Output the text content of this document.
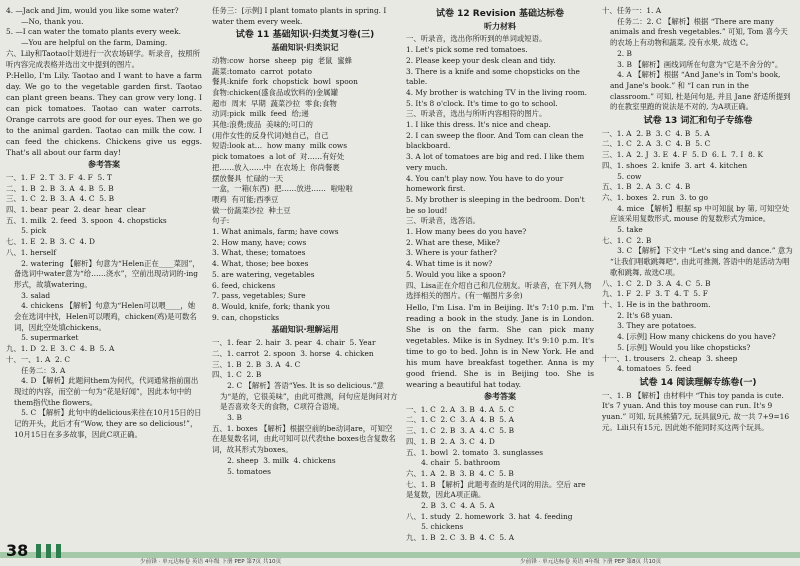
4. —Jack and Jim, would you like some water?
—No, thank you.
5. —I can water the tomato plants every week.
—You are helpful on the farm, Daming.
六、Lily和Taotao计划进行一次农场研学。听录音，按照所听内容完成表格并选出文中提到的图片。
P:Hello, I'm Lily. Taotao and I want to have a farm day. We go to the vegetable garden first. Taotao can plant green beans. They can grow very long. I can pick tomatoes. Taotao can water carrots. Orange carrots are good for our eyes. Then we go to the animal garden. Taotao can milk the cow. I can feed the chickens. Chickens give us eggs. That's all about our farm day!
参考答案
一、1. F  2. T  3. F  4. F  5. T
二、1. B  2. B  3. A  4. B  5. B
三、1. C  2. B  3. A  4. C  5. B
四、1. bear  pear  2. dear  hear  clear
五、1. milk  2. feed  3. spoon  4. chopsticks
5. pick
七、1. E  2. B  3. C  4. D
八、1. herself
2. watering 【解析】句意为“Helen正在____菜园”，备选词中water意为“给……浇水”，空前出现动词的-ing形式，故填watering。
3. salad
4. chickens 【解析】句意为“Helen可以喂____，她会在选词中找，Helen可以喂鸡，chicken(鸡)是可数名词，因此空处填chickens。
5. supermarket
九、1. D  2. E  3. C  4. B  5. A
十、一、1. A  2. C
任务二：3. A
4. D 【解析】此题问them为何代，代词通常指前面出现过的内容，而空前一句为“花是好闻”，因此本句中的them指代the flowers。
5. C 【解析】此句中的delicious来往在10月15日的日记的开头，此后才有“Wow, they are so delicious!”，10月15日在多多故事，因此C项正确。
任务三：[示例] I plant tomato plants in spring. I water them every week.
试卷 11 基础知识·归类复习卷(三)
基础知识·归类识记
动物:cow  horse  sheep  pig  老鼠  蜜蜂
蔬菜:tomato  carrot  potato
餐具:knife  fork  chopstick  bowl  spoon
食物:chicken(盛食品或饮料的)金属罐
超市  周末  早期  蔬菜沙拉  零食;食物
动词:pick  milk  feed  给;递
其他:浪费;废品  美味的;可口的
(用作女性的反身代词)她自己，自己
短语:look at…  how many  milk cows
pick tomatoes  a lot of  对……有好处
把……放入……中  在农场上  你尚餐裹
摆放餐具  忙碌的一天
一盒，一箱(东西)  把……放进……  啦啦啦
喂鸡  有可能;西季豆
做一份蔬菜沙拉  种土豆
句子:
1. What animals, farm; have cows
2. How many, have; cows
3. What, these; tomatoes
4. What, those; bee boxes
5. are watering, vegetables
6. feed, chickens
7. pass, vegetables; Sure
8. Would, knife, fork; thank you
9. can, chopsticks
基础知识·理解运用
一、1. fear  2. hair  3. pear  4. chair  5. Year
二、1. carrot  2. spoon  3. horse  4. chicken
三、1. B  2. B  3. A  4. C
四、1. C  2. B
2. C 【解析】答语“Yes. It is so delicious.”意为“是的，它很美味”，由此可推测，问句应是询问对方是否喜欢冬天的食物，C项符合语境。
3. B
五、1. boxes 【解析】根据空前的be动词are，可知空在是复数名词，由此可知可以代表the boxes也含复数名词，故其形式为boxes。
2. sheep  3. milk  4. chickens
5. tomatoes
试卷 12 Revision 基础达标卷
听力材料
一、听录音，选出你所听到的单词或短语。
1. Let's pick some red tomatoes.
2. Please keep your desk clean and tidy.
3. There is a knife and some chopsticks on the table.
4. My brother is watching TV in the living room.
5. It's 8 o'clock. It's time to go to school.
三、听录音，选出与所听内容相符的图片。
1. I like this dress. It's nice and cheap.
2. I can sweep the floor. And Tom can clean the blackboard.
3. A lot of tomatoes are big and red. I like them very much.
4. You can't play now. You have to do your homework first.
5. My brother is sleeping in the bedroom. Don't be so loud!
三、听录音，选答语。
1. How many bees do you have?
2. What are these, Mike?
3. Where is your father?
4. What time is it now?
5. Would you like a spoon?
四、Lisa正在介绍自己和几位朋友。听录音，在下列人物选择相关的图片。(有一幅图片多余)
Hello, I'm Lisa. I'm in Beijing. It's 7:10 p.m. I'm reading a book in the study. Jane is in London. She is on the farm. She can pick many vegetables. Mike is in Sydney. It's 9:10 p.m. It's time to go to bed. John is in New York. He and his mum have breakfast together. Anna is my good friend. She is in Beijing too. She is wearing a beautiful hat today.
参考答案
一、1. C  2. A  3. B  4. A  5. C
二、1. C  2. C  3. A  4. B  5. A
三、1. C  2. B  3. A  4. C  5. B
四、1. B  2. A  3. C  4. D
五、1. bowl  2. tomato  3. sunglasses
4. chair  5. bathroom
六、1. A  2. B  3. B  4. C  5. B
七、1. B 【解析】此题考查的是代词的用法。空后 are 是复数，因此A项正确。
2. B  3. C  4. A  5. A
八、1. study  2. homework  3. hat  4. feeding
5. chickens
九、1. B  2. C  3. B  4. C  5. A
十、任务一：1. A
任务二：2. C 【解析】根据 “There are many animals and fresh vegetables.” 可知, Tom 喜今天的农场上有动物和蔬菜, 没有水果, 故选 C。
2. B
3. B 【解析】画线词所在句意为“它是不舍分的”。
4. A 【解析】根据 “And Jane's in Tom's book, and Jane's book.” 和 “I can run in the classroom.” 可知, 杜是问句是, 并且 Jane 舒适所提到的在教室里跑的说法是不对的, 为A项正确。
试卷 13 词汇和句子专练卷
一、1. A  2. B  3. C  4. B  5. A
二、1. C  2. A  3. C  4. B  5. C
三、1. A  2. J  3. E  4. F  5. D  6. L  7. I  8. K
四、1. shoes  2. knife  3. art  4. kitchen
5. cow
五、1. B  2. A  3. C  4. B
六、1. boxes  2. run  3. to go
4. mice 【解析】根据 sp 中可知鼠 by 第, 可知空处应该采用复数形式, mouse 的复数形式为mice。
5. take
七、1. C  2. B
3. C 【解析】下文中 “Let's sing and dance.” 意为 “让我们唱歌跳舞吧”, 由此可推测, 答语中的是活动为唱歌和跳舞, 故选C项。
八、1. C  2. D  3. A  4. C  5. B
九、1. F  2. F  3. T  4. T  5. F
十、1. He is in the bathroom.
2. It's 68 yuan.
3. They are potatoes.
4. [示例] How many chickens do you have?
5. [示例] Would you like chopsticks?
十一、1. trousers  2. cheap  3. sheep
4. tomatoes  5. feed
试卷 14 阅读理解专练卷(一)
一、1. B 【解析】由材料中 “This toy panda is cute. It's 7 yuan. And this toy mouse can run. It's 9 yuan.” 可知, 玩具熊猫7元, 玩具鼠9元, 故一共 7+9=16 元。Lili只有15元, 因此她不能同时买这两个玩具。
38
少前锋 · 单元达标卷 英语 4年级 下册 PEP 第7页 共10页	少前锋 · 单元达标卷 英语 4年级 下册 PEP 第8页 共10页
